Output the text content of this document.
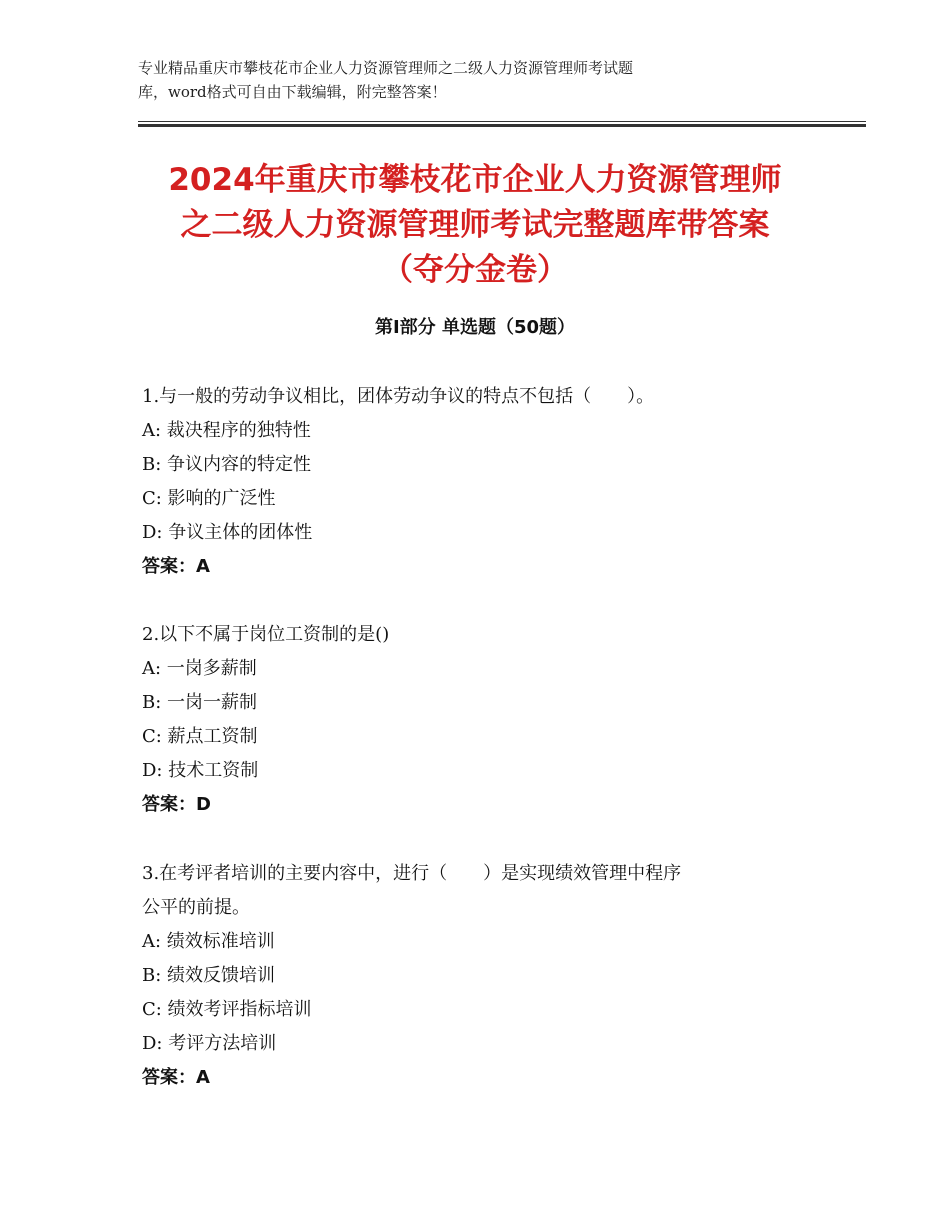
专业精品重庆市攀枝花市企业人力资源管理师之二级人力资源管理师考试题
库，word格式可自由下载编辑，附完整答案！
2024年重庆市攀枝花市企业人力资源管理师
之二级人力资源管理师考试完整题库带答案
（夺分金卷）
第Ⅰ部分 单选题（50题）

1.与一般的劳动争议相比，团体劳动争议的特点不包括（　　）。

A: 裁决程序的独特性

B: 争议内容的特定性

C: 影响的广泛性

D: 争议主体的团体性

答案：A

2.以下不属于岗位工资制的是()

A: 一岗多薪制

B: 一岗一薪制

C: 薪点工资制

D: 技术工资制

答案：D

3.在考评者培训的主要内容中，进行（　　）是实现绩效管理中程序

公平的前提。

A: 绩效标准培训

B: 绩效反馈培训

C: 绩效考评指标培训

D: 考评方法培训

答案：A
